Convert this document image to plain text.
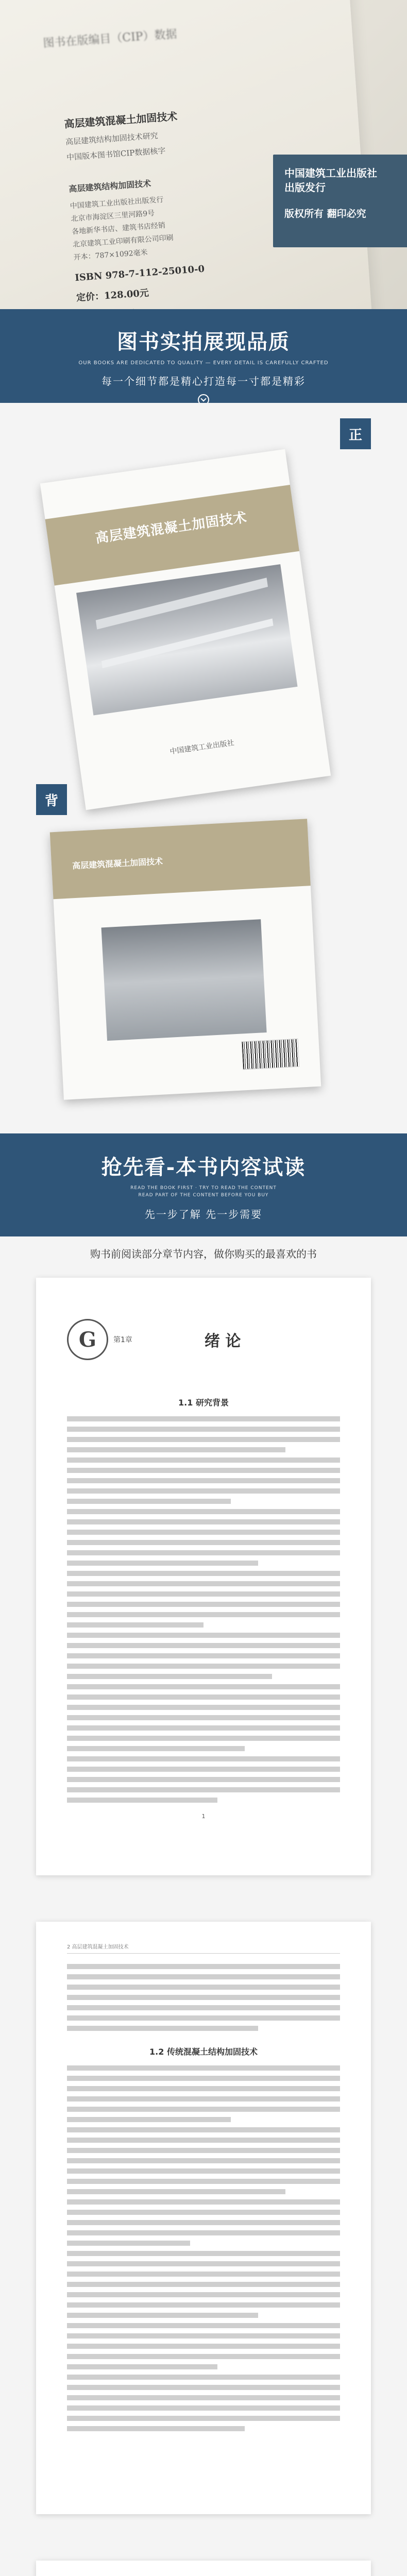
图书在版编目（CIP）数据
高层建筑混凝土加固技术
高层建筑结构加固技术研究
中国版本图书馆CIP数据核字
高层建筑结构加固技术
中国建筑工业出版社出版发行
北京市海淀区三里河路9号
各地新华书店、建筑书店经销
北京建筑工业印刷有限公司印刷
开本：787×1092毫米
ISBN 978-7-112-25010-0
定价：128.00元
中国建筑工业出版社
出版发行
版权所有 翻印必究
图书实拍展现品质
OUR BOOKS ARE DEDICATED TO QUALITY — EVERY DETAIL IS CAREFULLY CRAFTED
每一个细节都是精心打造每一寸都是精彩
正
高层建筑混凝土加固技术
中国建筑工业出版社
背
高层建筑混凝土加固技术
抢先看-本书内容试读
READ THE BOOK FIRST · TRY TO READ THE CONTENT
READ PART OF THE CONTENT BEFORE YOU BUY
先一步了解 先一步需要
购书前阅读部分章节内容，做你购买的最喜欢的书
G	第1章	绪 论
1.1 研究背景
1
2 高层建筑混凝土加固技术
1.2 传统混凝土结构加固技术
